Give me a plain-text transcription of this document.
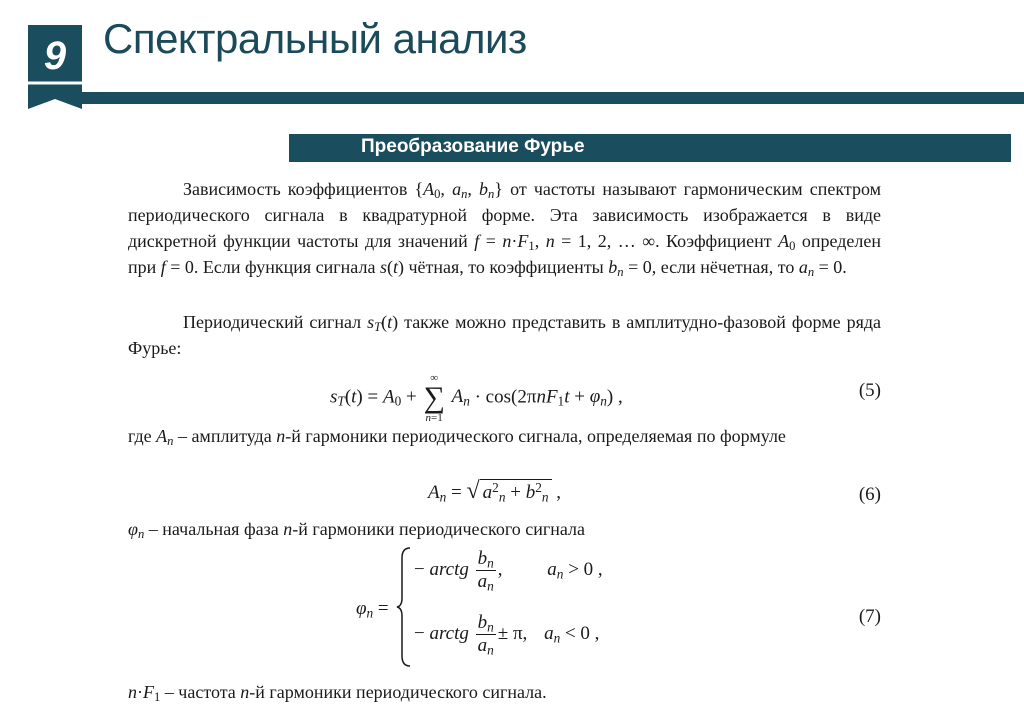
9 Спектральный анализ
Преобразование Фурье
Зависимость коэффициентов {$A_0$, $a_n$, $b_n$} от частоты называют гармоническим спектром периодического сигнала в квадратурной форме. Эта зависимость изображается в виде дискретной функции частоты для значений $f = n\cdot F_1$, n = 1, 2, … ∞. Коэффициент $A_0$ определен при f = 0. Если функция сигнала s(t) чётная, то коэффициенты $b_n = 0$, если нёчетная, то $a_n = 0$.
Периодический сигнал $s_T(t)$ также можно представить в амплитудно-фазовой форме ряда Фурье:
$s_T(t) = A_0$ +
∞
∑
n=1
$A_n \cdot \cos(2\pi nF_1t + \varphi_n)$ ,	(5)
где $A_n$ – амплитуда n-й гармоники периодического сигнала, определяемая по формуле
$A_n$ = √ $a^2_n + b^2_n$ ,	(6)
$\varphi_n$ – начальная фаза n-й гармоники периодического сигнала
$\varphi_n$ =
− arctg $\frac{b_n}{a_n}$ , $a_n > 0$ ,
− arctg $\frac{b_n}{a_n} \pm \pi$, $a_n < 0$ ,
(7)
$n\cdot F_1$ – частота n-й гармоники периодического сигнала.
